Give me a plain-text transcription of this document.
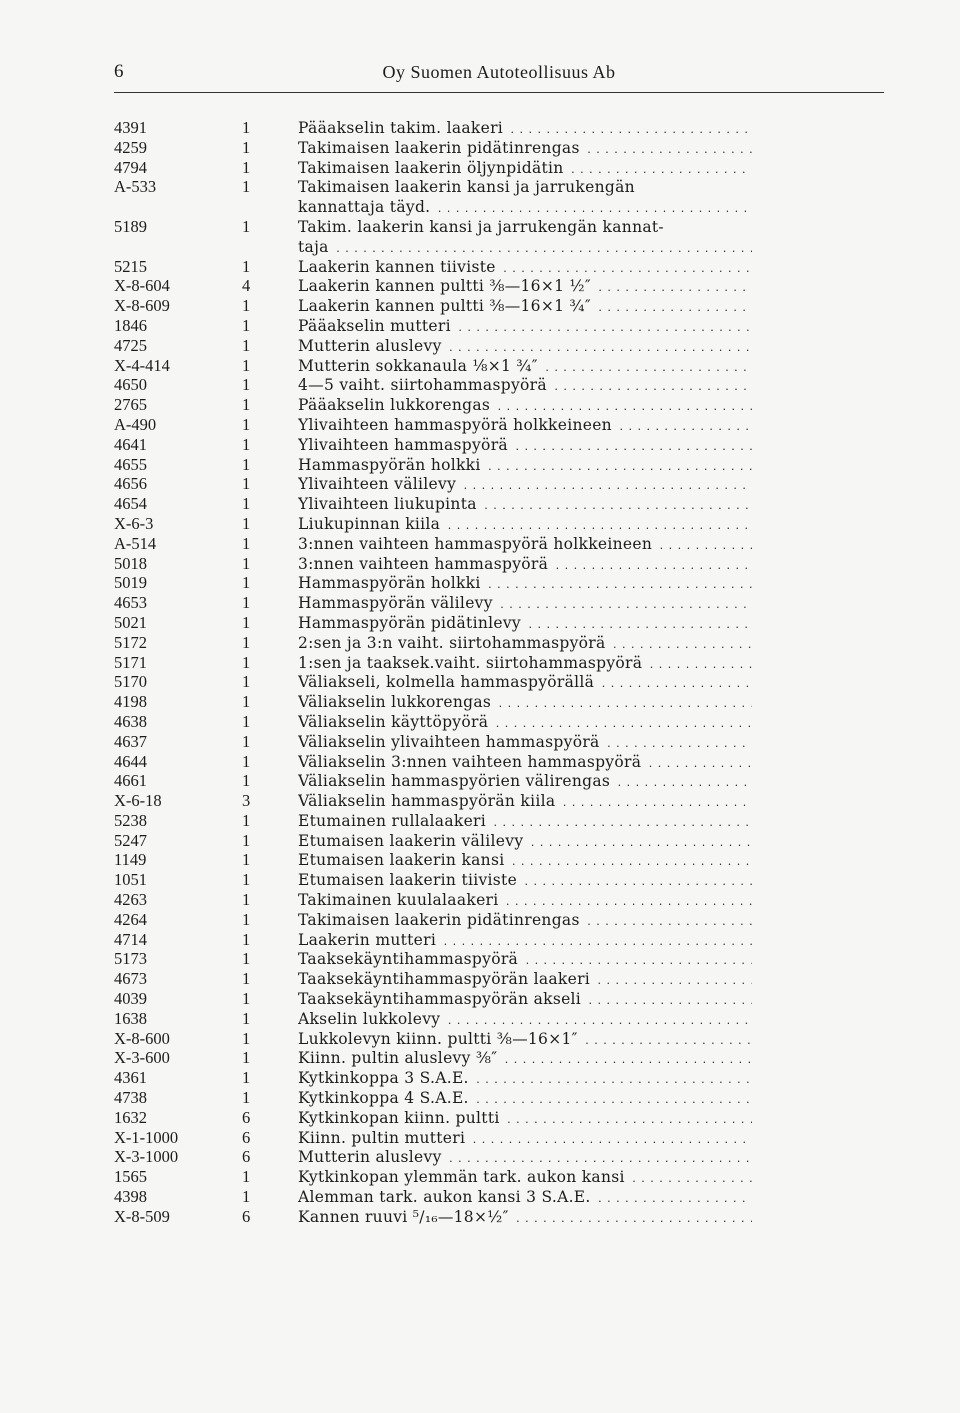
6	Oy Suomen Autoteollisuus Ab
4391	1	Pääakselin takim. laakeri . . .
4259	1	Takimaisen laakerin pidätinrengas . . .
4794	1	Takimaisen laakerin öljynpidätin . . .
A-533	1	Takimaisen laakerin kansi ja jarrukengän
kannattaja täyd. . . .
5189	1	Takim. laakerin kansi ja jarrukengän kannat-
taja . . .
5215	1	Laakerin kannen tiiviste . . .
X-8-604	4	Laakerin kannen pultti ⅜—16×1 ½″ . . .
X-8-609	1	Laakerin kannen pultti ⅜—16×1 ¾″ . . .
1846	1	Pääakselin mutteri . . .
4725	1	Mutterin aluslevy . . .
X-4-414	1	Mutterin sokkanaula ⅛×1 ¾″ . . .
4650	1	4—5 vaiht. siirtohammaspyörä . . .
2765	1	Pääakselin lukkorengas . . .
A-490	1	Ylivaihteen hammaspyörä holkkeineen . . .
4641	1	Ylivaihteen hammaspyörä . . .
4655	1	Hammaspyörän holkki . . .
4656	1	Ylivaihteen välilevy . . .
4654	1	Ylivaihteen liukupinta . . .
X-6-3	1	Liukupinnan kiila . . .
A-514	1	3:nnen vaihteen hammaspyörä holkkeineen . . .
5018	1	3:nnen vaihteen hammaspyörä . . .
5019	1	Hammaspyörän holkki . . .
4653	1	Hammaspyörän välilevy . . .
5021	1	Hammaspyörän pidätinlevy . . .
5172	1	2:sen ja 3:n vaiht. siirtohammaspyörä . . .
5171	1	1:sen ja taaksek.vaiht. siirtohammaspyörä . . .
5170	1	Väliakseli, kolmella hammaspyörällä . . .
4198	1	Väliakselin lukkorengas . . .
4638	1	Väliakselin käyttöpyörä . . .
4637	1	Väliakselin ylivaihteen hammaspyörä . . .
4644	1	Väliakselin 3:nnen vaihteen hammaspyörä . . .
4661	1	Väliakselin hammaspyörien välirengas . . .
X-6-18	3	Väliakselin hammaspyörän kiila . . .
5238	1	Etumainen rullalaakeri . . .
5247	1	Etumaisen laakerin välilevy . . .
1149	1	Etumaisen laakerin kansi . . .
1051	1	Etumaisen laakerin tiiviste . . .
4263	1	Takimainen kuulalaakeri . . .
4264	1	Takimaisen laakerin pidätinrengas . . .
4714	1	Laakerin mutteri . . .
5173	1	Taaksekäyntihammaspyörä . . .
4673	1	Taaksekäyntihammaspyörän laakeri . . .
4039	1	Taaksekäyntihammaspyörän akseli . . .
1638	1	Akselin lukkolevy . . .
X-8-600	1	Lukkolevyn kiinn. pultti ⅜—16×1″ . . .
X-3-600	1	Kiinn. pultin aluslevy ⅜″ . . .
4361	1	Kytkinkoppa 3 S.A.E. . . .
4738	1	Kytkinkoppa 4 S.A.E. . . .
1632	6	Kytkinkopan kiinn. pultti . . .
X-1-1000	6	Kiinn. pultin mutteri . . .
X-3-1000	6	Mutterin aluslevy . . .
1565	1	Kytkinkopan ylemmän tark. aukon kansi . . .
4398	1	Alemman tark. aukon kansi 3 S.A.E. . . .
X-8-509	6	Kannen ruuvi ⁵/₁₆—18×½″ . . .
